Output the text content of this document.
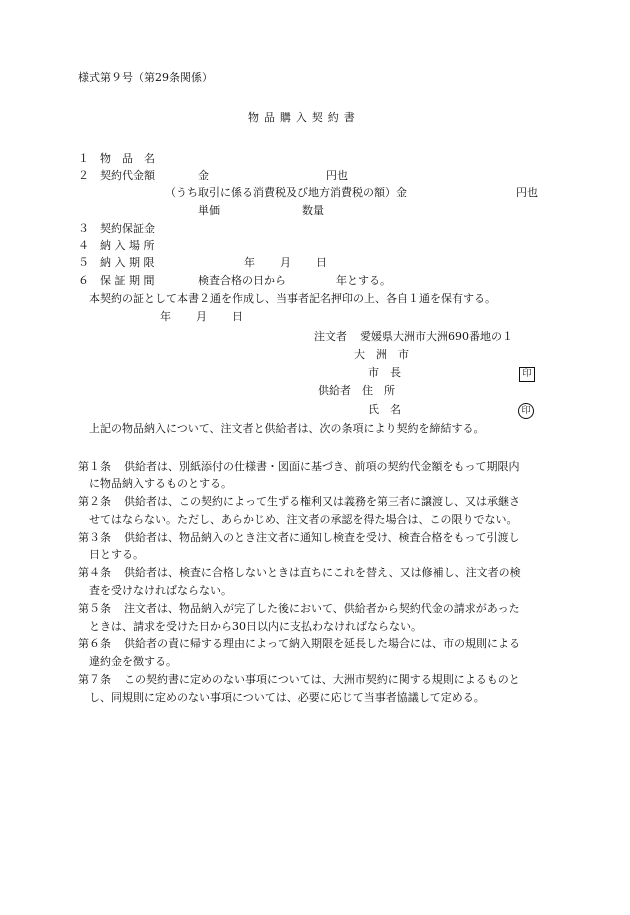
様式第９号（第29条関係）
物品購入契約書
１ 物　品　名
２ 契約代金額	金	円也
（うち取引に係る消費税及び地方消費税の額）金	円也
単価	数量
３ 契約保証金
４ 納 入 場 所
５ 納 入 期 限	年 月 日
６ 保 証 期 間	検査合格の日から	年とする。
本契約の証として本書２通を作成し、当事者記名押印の上、各自１通を保有する。
年 月 日
注文者 愛媛県大洲市大洲690番地の１
大　洲　市
市　長	印
供給者 住　所
氏　名	印
上記の物品納入について、注文者と供給者は、次の条項により契約を締結する。
第１条 供給者は、別紙添付の仕様書・図面に基づき、前項の契約代金額をもって期限内
に物品納入するものとする。
第２条 供給者は、この契約によって生ずる権利又は義務を第三者に譲渡し、又は承継さ
せてはならない。ただし、あらかじめ、注文者の承認を得た場合は、この限りでない。
第３条 供給者は、物品納入のとき注文者に通知し検査を受け、検査合格をもって引渡し
日とする。
第４条 供給者は、検査に合格しないときは直ちにこれを替え、又は修補し、注文者の検
査を受けなければならない。
第５条 注文者は、物品納入が完了した後において、供給者から契約代金の請求があった
ときは、請求を受けた日から30日以内に支払わなければならない。
第６条 供給者の責に帰する理由によって納入期限を延長した場合には、市の規則による
違約金を徴する。
第７条 この契約書に定めのない事項については、大洲市契約に関する規則によるものと
し、同規則に定めのない事項については、必要に応じて当事者協議して定める。
